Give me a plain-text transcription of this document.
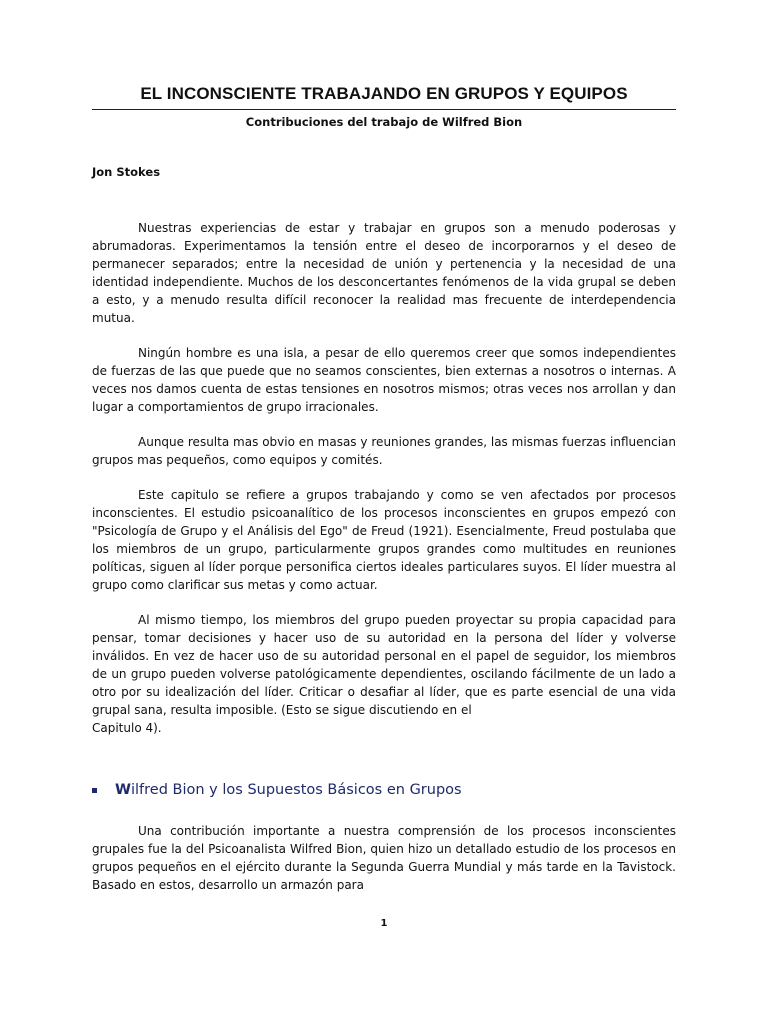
EL INCONSCIENTE TRABAJANDO EN GRUPOS Y EQUIPOS
Contribuciones del trabajo de Wilfred Bion
Jon Stokes

Nuestras experiencias de estar y trabajar en grupos son a menudo poderosas y abrumadoras. Experimentamos la tensión entre el deseo de incorporarnos y el deseo de permanecer separados; entre la necesidad de unión y pertenencia y la necesidad de una identidad independiente. Muchos de los desconcertantes fenómenos de la vida grupal se deben a esto, y a menudo resulta difícil reconocer la realidad mas frecuente de interdependencia mutua.

Ningún hombre es una isla, a pesar de ello queremos creer que somos independientes de fuerzas de las que puede que no seamos conscientes, bien externas a nosotros o internas. A veces nos damos cuenta de estas tensiones en nosotros mismos; otras veces nos arrollan y dan lugar a comportamientos de grupo irracionales.

Aunque resulta mas obvio en masas y reuniones grandes, las mismas fuerzas influencian grupos mas pequeños, como equipos y comités.

Este capitulo se refiere a grupos trabajando y como se ven afectados por procesos inconscientes. El estudio psicoanalítico de los procesos inconscientes en grupos empezó con "Psicología de Grupo y el Análisis del Ego" de Freud (1921). Esencialmente, Freud postulaba que los miembros de un grupo, particularmente grupos grandes como multitudes en reuniones políticas, siguen al líder porque personifica ciertos ideales particulares suyos. El líder muestra al grupo como clarificar sus metas y como actuar.

Al mismo tiempo, los miembros del grupo pueden proyectar su propia capacidad para pensar, tomar decisiones y hacer uso de su autoridad en la persona del líder y volverse inválidos. En vez de hacer uso de su autoridad personal en el papel de seguidor, los miembros de un grupo pueden volverse patológicamente dependientes, oscilando fácilmente de un lado a otro por su idealización del líder. Criticar o desafiar al líder, que es parte esencial de una vida grupal sana, resulta imposible. (Esto se sigue discutiendo en el

Capitulo 4).

Wilfred Bion y los Supuestos Básicos en Grupos

Una contribución importante a nuestra comprensión de los procesos inconscientes grupales fue la del Psicoanalista Wilfred Bion, quien hizo un detallado estudio de los procesos en grupos pequeños en el ejército durante la Segunda Guerra Mundial y más tarde en la Tavistock. Basado en estos, desarrollo un armazón para

1
